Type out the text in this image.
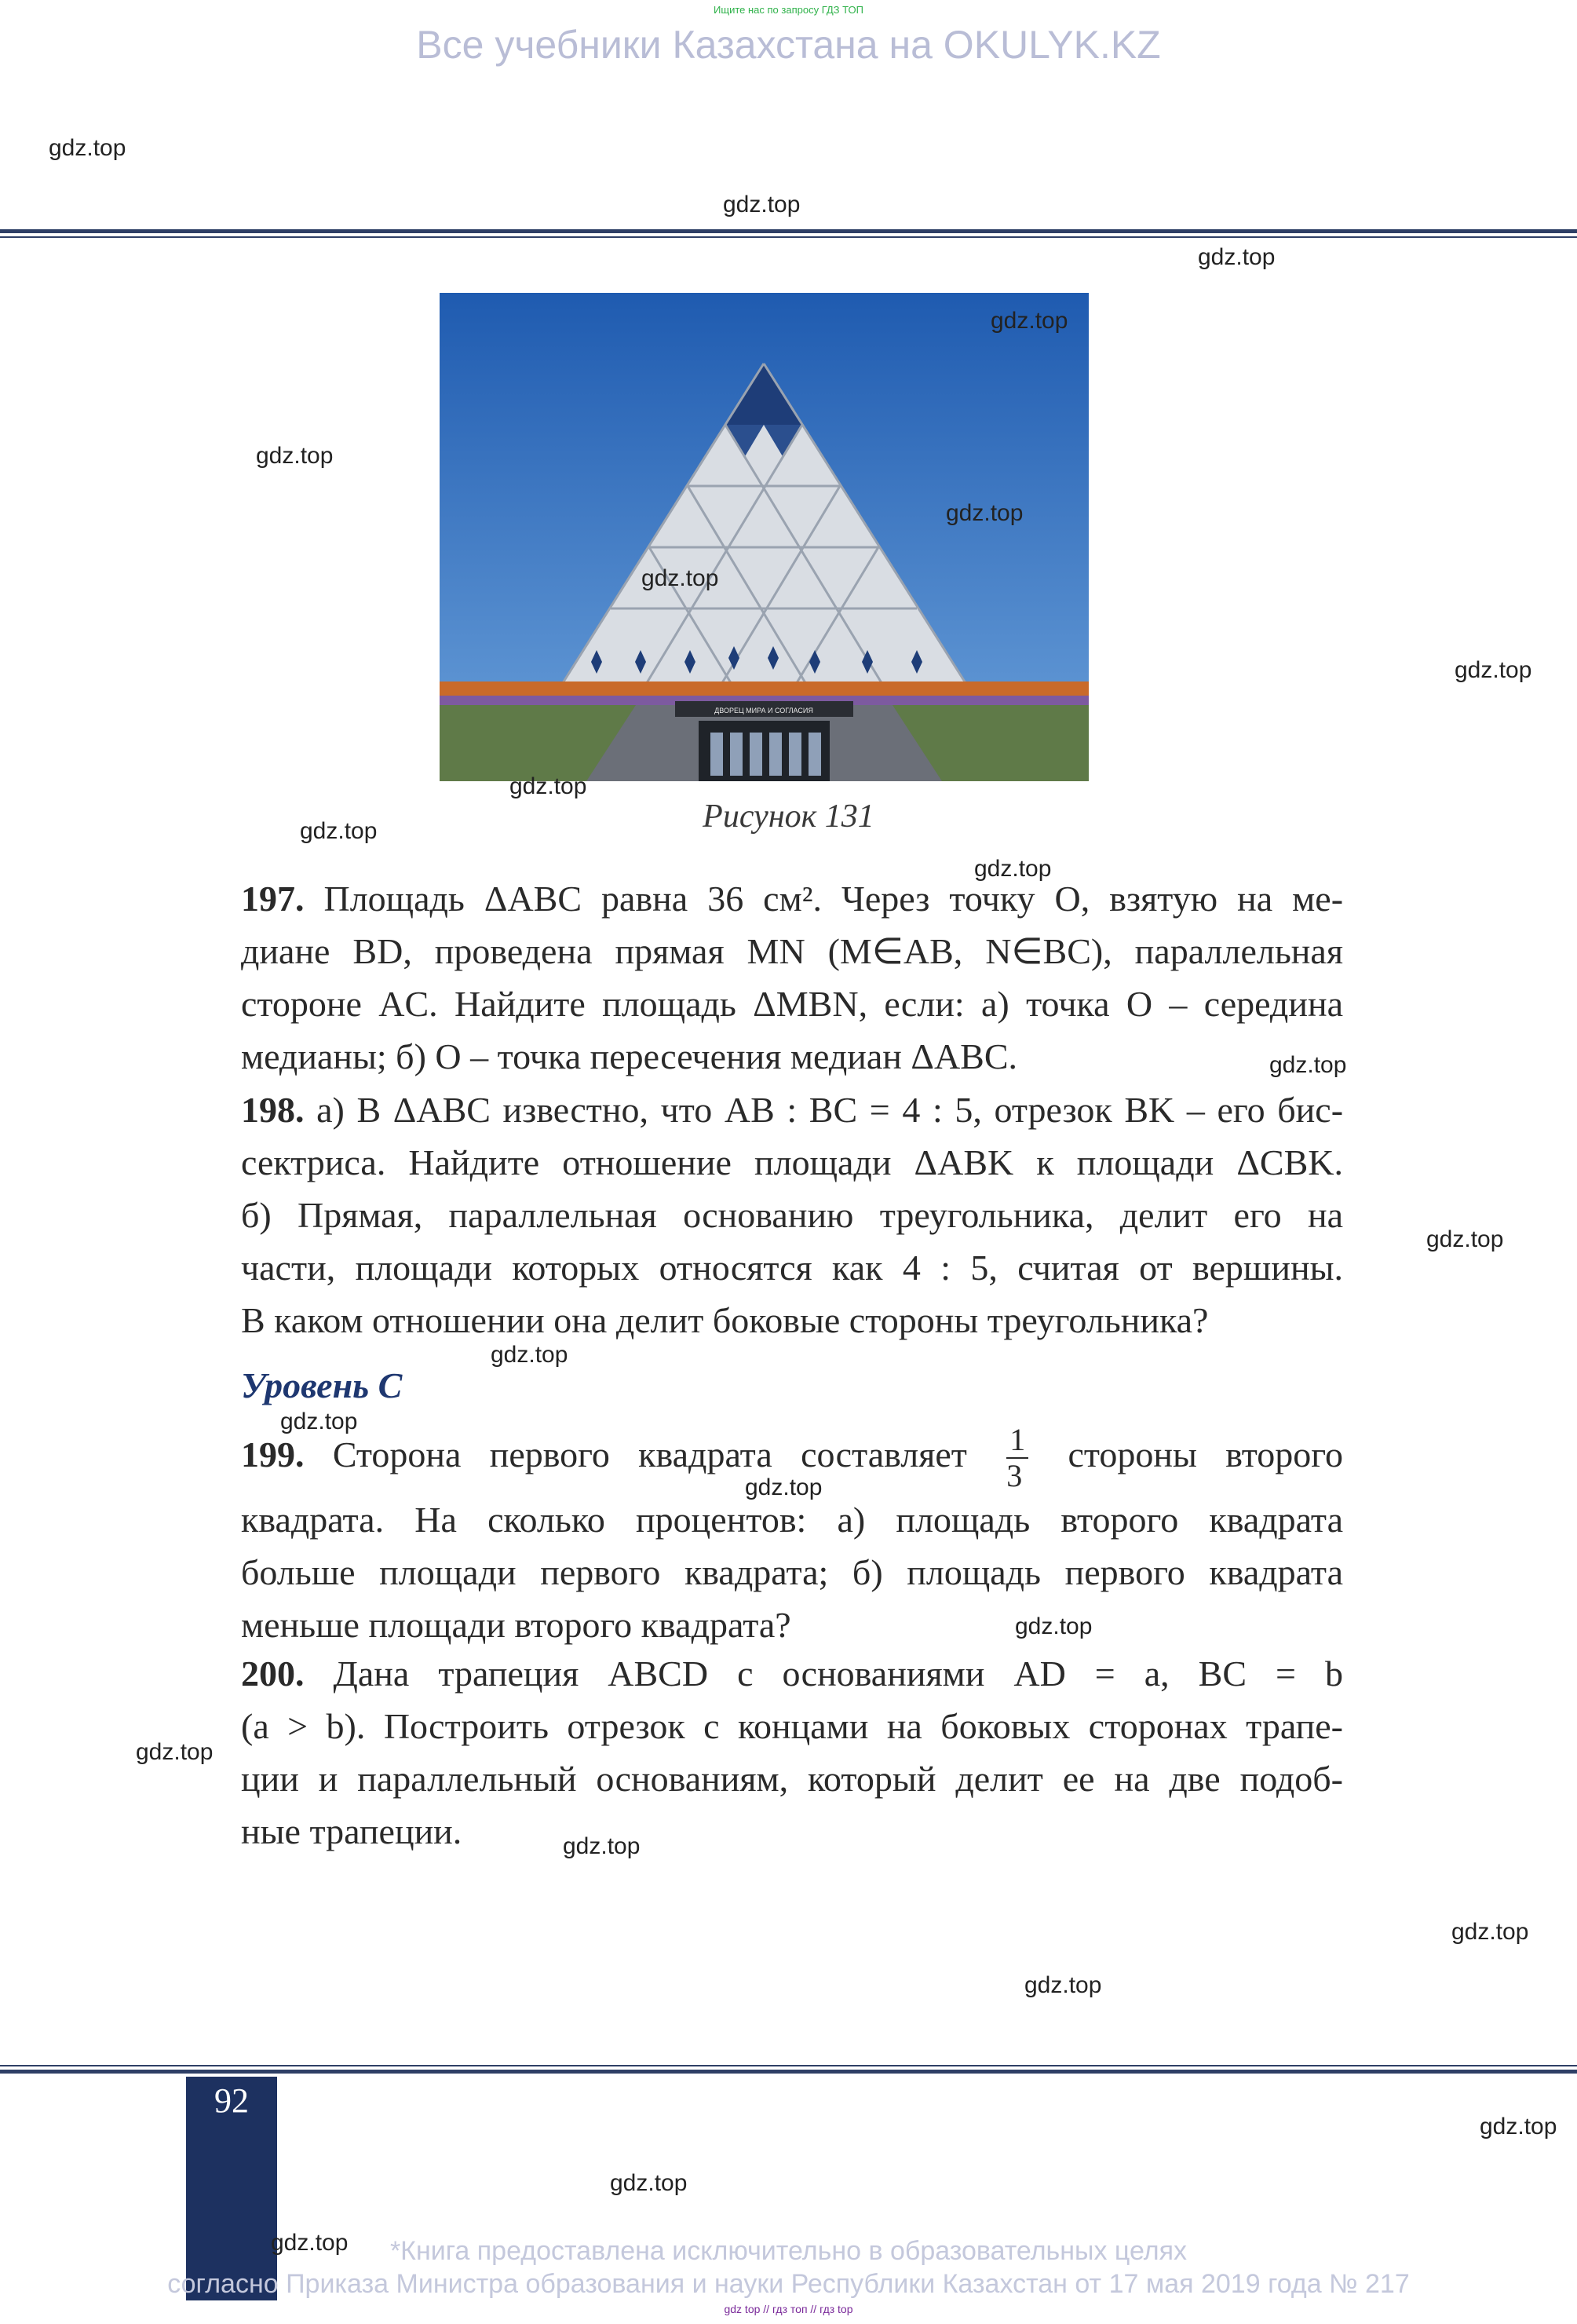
Ищите нас по запросу ГДЗ ТОП
Все учебники Казахстана на OKULYK.KZ
ДВОРЕЦ МИРА И СОГЛАСИЯ
Рисунок 131
197. Площадь ΔABC равна 36 см². Через точку O, взятую на ме-
диане BD, проведена прямая MN (M∈AB, N∈BC), параллельная
стороне AC. Найдите площадь ΔMBN, если: а) точка O – середина
медианы; б) O – точка пересечения медиан ΔABC.
198. а) В ΔABC известно, что AB : BC = 4 : 5, отрезок BK – его бис-
сектриса. Найдите отношение площади ΔABK к площади ΔCBK.
б) Прямая, параллельная основанию треугольника, делит его на
части, площади которых относятся как 4 : 5, считая от вершины.
В каком отношении она делит боковые стороны треугольника?
Уровень C
199. Сторона первого квадрата составляет $\frac{1}{3}$ стороны второго
квадрата. На сколько процентов: а) площадь второго квадрата
больше площади первого квадрата; б) площадь первого квадрата
меньше площади второго квадрата?
200. Дана трапеция ABCD с основаниями AD = a, BC = b
(a > b). Построить отрезок с концами на боковых сторонах трапе-
ции и параллельный основаниям, который делит ее на две подоб-
ные трапеции.
92
*Книга предоставлена исключительно в образовательных целях
согласно Приказа Министра образования и науки Республики Казахстан от 17 мая 2019 года № 217
gdz top // гдз топ // гдз top
gdz.top
gdz.top
gdz.top
gdz.top
gdz.top
gdz.top
gdz.top
gdz.top
gdz.top
gdz.top
gdz.top
gdz.top
gdz.top
gdz.top
gdz.top
gdz.top
gdz.top
gdz.top
gdz.top
gdz.top
gdz.top
gdz.top
gdz.top
gdz.top
